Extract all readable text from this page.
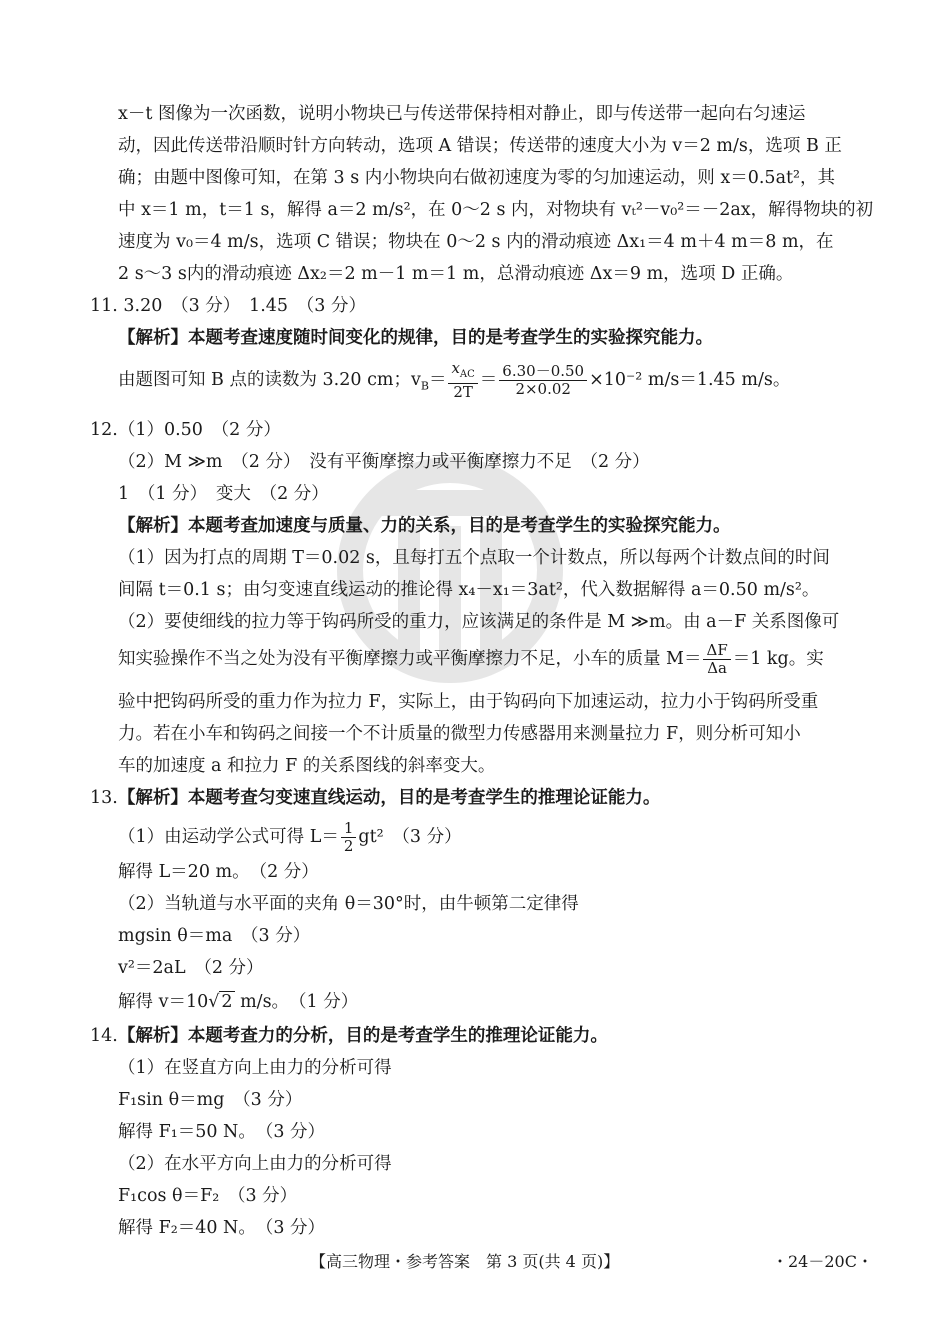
x－t 图像为一次函数，说明小物块已与传送带保持相对静止，即与传送带一起向右匀速运
动，因此传送带沿顺时针方向转动，选项 A 错误；传送带的速度大小为 v＝2 m/s，选项 B 正
确；由题中图像可知，在第 3 s 内小物块向右做初速度为零的匀加速运动，则 x＝0.5at²，其
中 x＝1 m，t＝1 s，解得 a＝2 m/s²，在 0～2 s 内，对物块有 vₜ²－v₀²＝－2ax，解得物块的初
速度为 v₀＝4 m/s，选项 C 错误；物块在 0～2 s 内的滑动痕迹 Δx₁＝4 m＋4 m＝8 m，在
2 s～3 s内的滑动痕迹 Δx₂＝2 m－1 m＝1 m，总滑动痕迹 Δx＝9 m，选项 D 正确。
11. 3.20　（3 分）　1.45　（3 分）
【解析】本题考查速度随时间变化的规律，目的是考查学生的实验探究能力。
12.（1）0.50　（2 分）
（2）M ≫m　（2 分）　没有平衡摩擦力或平衡摩擦力不足　（2 分）
1　（1 分）　变大　（2 分）
【解析】本题考查加速度与质量、力的关系，目的是考查学生的实验探究能力。
（1）因为打点的周期 T＝0.02 s，且每打五个点取一个计数点，所以每两个计数点间的时间
间隔 t＝0.1 s；由匀变速直线运动的推论得 x₄－x₁＝3at²，代入数据解得 a＝0.50 m/s²。
（2）要使细线的拉力等于钩码所受的重力，应该满足的条件是 M ≫m。由 a－F 关系图像可
验中把钩码所受的重力作为拉力 F，实际上，由于钩码向下加速运动，拉力小于钩码所受重
力。若在小车和钩码之间接一个不计质量的微型力传感器用来测量拉力 F，则分析可知小
车的加速度 a 和拉力 F 的关系图线的斜率变大。
13.【解析】本题考查匀变速直线运动，目的是考查学生的推理论证能力。
解得 L＝20 m。　（2 分）
（2）当轨道与水平面的夹角 θ＝30°时，由牛顿第二定律得
mgsin θ＝ma　（3 分）
v²＝2aL　（2 分）
14.【解析】本题考查力的分析，目的是考查学生的推理论证能力。
（1）在竖直方向上由力的分析可得
F₁sin θ＝mg　（3 分）
解得 F₁＝50 N。　（3 分）
（2）在水平方向上由力的分析可得
F₁cos θ＝F₂　（3 分）
解得 F₂＝40 N。　（3 分）
由题图可知 B 点的读数为 3.20 cm；$v_B= \frac{x_{AC}}{2T} = \frac{6.30-0.50}{2\times 0.02} \times 10^{-2}$ m/s＝1.45 m/s。
知实验操作不当之处为没有平衡摩擦力或平衡摩擦力不足，小车的质量 $M= \frac{\Delta F}{\Delta a} =1$ kg。实
（1）由运动学公式可得 $L= \frac{1}{2} gt^2$　（3 分）
解得 v＝10√ 2 m/s。　（1 分）
【高三物理・参考答案　第 3 页(共 4 页)】	・24－20C・
